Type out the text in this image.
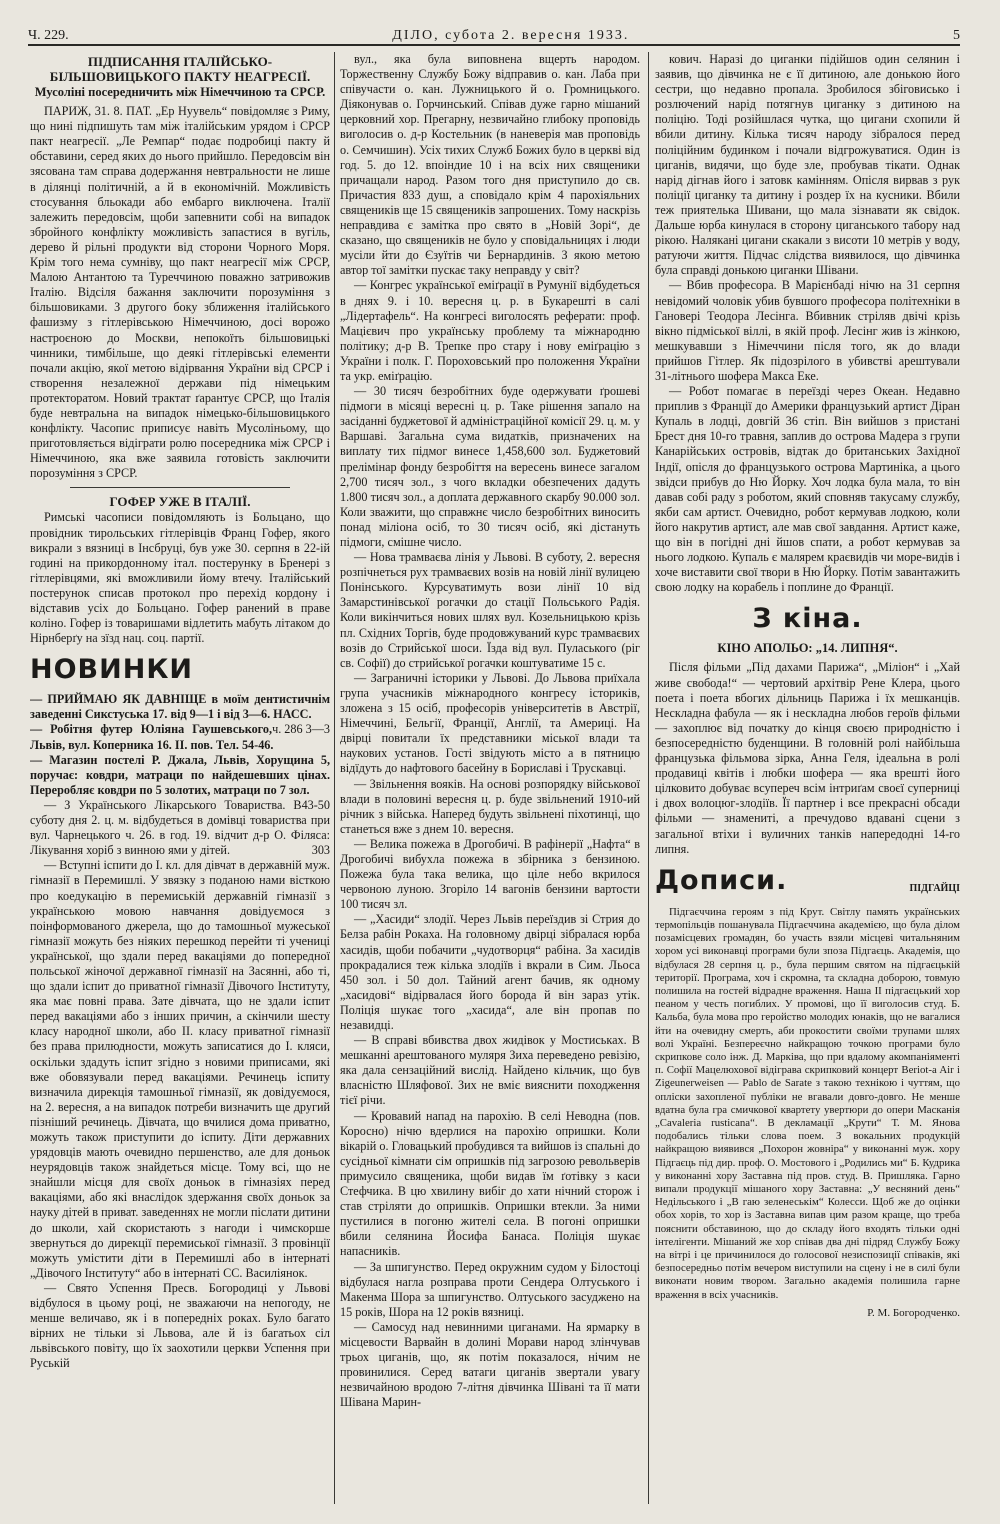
Ч. 229.	ДІЛО, субота 2. вересня 1933.	5
ПІДПИСАННЯ ІТАЛІЙСЬКО-БІЛЬШОВИЦЬКОГО ПАКТУ НЕАГРЕСІЇ.
Мусоліні посередничить між Німеччиною та СРСР.

ПАРИЖ, 31. 8. ПАТ. „Ер Нуувель“ повідомляє з Риму, що нині підпишуть там між італійським урядом і СРСР пакт неагресії. „Ле Ремпар“ подає подробиці пакту й обставини, серед яких до нього прийшло. Передовсім він зясована там справа додержання невтральности не лише в ділянці політичній, а й в економічній. Можливість стосування бльокади або ембарго виключена. Італії залежить передовсім, щоби запевнити собі на випадок збройного конфлікту можливість запастися в вугіль, дерево й рільні продукти від сторони Чорного Моря. Крім того нема сумніву, що пакт неагресії між СРСР, Малою Антантою та Туреччиною поважно затривожив Італію. Відсіля бажання заключити порозуміння з більшовиками. З другого боку зближення італійського фашизму з гітлерівською Німеччиною, досі ворожо настроєною до Москви, непокоїть більшовицькі чинники, тимбільше, що деякі гітлерівські елементи почали акцію, якої метою відірвання України від СРСР і створення незалежної держави під німецьким протекторатом. Новий трактат ґарантує СРСР, що Італія буде невтральна на випадок німецько-більшовицького конфлікту. Часопис приписує навіть Мусоліньому, що приготовляється відіграти ролю посередника між СРСР і Німеччиною, яка вже заявила готовість заключити порозуміння з СРСР.

ГОФЕР УЖЕ В ІТАЛІЇ.

Римські часописи повідомляють із Больцано, що провідник тирольських гітлерівців Франц Гофер, якого викрали з вязниці в Інсбруці, був уже 30. серпня в 22-ій годині на прикордонному італ. постерунку в Бренері з гітлерівцями, які вможливили йому втечу. Італійський постерунок списав протокол про перехід кордону і відставив усіх до Больцано. Гофер ранений в праве коліно. Гофер із товаришами відлетить мабуть літаком до Нірнберґу на зїзд нац. соц. партії.

НОВИНКИ

— ПРИЙМАЮ ЯК ДАВНІЩЕ в моїм дентистичнім заведенні Сикстуська 17. від 9—1 і від 3—6. НАСС.
ч. 286 3—3

— Робітня футер Юліяна Гаушевського, Львів, вул. Коперника 16. II. пов. Тел. 54-46.

— Магазин постелі Р. Джала, Львів, Хорущина 5, поручає: ковдри, матраци по найдешевших цінах. Переробляє ковдри по 5 золотих, матраци по 7 зол.
43-50

— З Українського Лікарського Товариства. В суботу дня 2. ц. м. відбудеться в домівці товариства при вул. Чарнецького ч. 26. в год. 19. відчит д-р О. Філяса: Лікування хоріб з винною ями у дітей.	303

— Вступні іспити до І. кл. для дівчат в державній муж. гімназії в Перемишлі. У звязку з поданою нами вісткою про коедукацію в перемиській державній гімназії з українською мовою навчання довідуємося з поінформованого джерела, що до тамошньої мужеської гімназії можуть без ніяких перешкод перейти ті учениці української, що здали перед вакаціями до попередної польської жіночої державної гімназії на Засянні, або ті, що здали іспит до приватної гімназії Дівочого Інституту, яка має повні права. Зате дівчата, що не здали іспит перед вакаціями або з інших причин, а скінчили шесту класу народної школи, або II. класу приватної гімназії без права прилюдности, можуть записатися до І. кляси, оскільки здадуть іспит згідно з новими приписами, які вже обовязували перед вакаціями. Речинець іспиту визначила дирекція тамошньої гімназії, як довідуємося, на 2. вересня, а на випадок потреби визначить ще другий пізніший речинець. Дівчата, що вчилися дома приватно, можуть також приступити до іспиту. Діти державних урядовців мають очевидно першенство, але для доньок неурядовців також знайдеться місце. Тому всі, що не знайшли місця для своїх доньок в гімназіях перед вакаціями, або які внаслідок здержання своїх доньок за науку дітей в приват. заведеннях не могли післати дитини до школи, хай скористають з нагоди і чимскорше звернуться до дирекції перемиської гімназії. З провінції можуть умістити діти в Перемишлі або в інтернаті „Дівочого Інституту“ або в інтернаті СС. Василіянок.

— Свято Успення Пресв. Богородиці у Львові відбулося в цьому році, не зважаючи на непогоду, не менше величаво, як і в попередніх роках. Було багато вірних не тільки зі Львова, але й із багатьох сіл львівського повіту, що їх заохотили церкви Успення при Руській

вул., яка була виповнена вщерть народом. Торжественну Службу Божу відправив о. кан. Лаба при співучасти о. кан. Лужницького й о. Громницького. Діяконував о. Горчинський. Співав дуже гарно мішаний церковний хор. Прегарну, незвичайно глибоку проповідь виголосив о. д-р Костельник (в наневерія мав проповідь о. Семчишин). Усіх тихих Служб Божих було в церкві від год. 5. до 12. впоіндие 10 і на всіх них священики причащали народ. Разом того дня приступило до св. Причастия 833 душ, а сповідало крім 4 парохіяльних священиків ще 15 священиків запрошених. Тому наскрізь неправдива є замітка про свято в „Новій Зорі“, де сказано, що священиків не було у сповідальницях і люди мусіли йти до Єзуїтів чи Бернардинів. З якою метою автор тої замітки пускає таку неправду у світ?

— Конгрес української еміґрації в Румунії відбудеться в днях 9. і 10. вересня ц. р. в Букарешті в салі „Лідертафель“. На конгресі виголосять реферати: проф. Мацієвич про українську проблему та міжнародню політику; д-р В. Трепке про стару і нову еміґрацію з України і полк. Г. Пороховський про положення України та укр. еміґрацію.

— 30 тисяч безробітних буде одержувати ґрошеві підмоги в місяці вересні ц. р. Таке рішення запало на засіданні буджетової й адміністраційної комісії 29. ц. м. у Варшаві. Загальна сума видатків, призначених на виплату тих підмог винесе 1,458,600 зол. Буджетовий прелімінар фонду безробіття на вересень винесе загалом 2,700 тисяч зол., з чого вкладки обезпечених дадуть 1.800 тисяч зол., а доплата державного скарбу 90.000 зол. Коли зважити, що справжнє число безробітних виносить понад міліона осіб, то 30 тисяч осіб, які дістануть підмоги, смішне число.

— Нова трамваєва лінія у Львові. В суботу, 2. вересня розпічнеться рух трамваєвих возів на новій лінії вулицею Понінського. Курсуватимуть вози лінії 10 від Замарстинівської рогачки до стації Польського Радія. Коли викінчиться нових шлях вул. Козельницькою крізь пл. Східних Торгів, буде продовжуваний курс трамваєвих возів до Стрийської шоси. Їзда від вул. Пуласького (ріг св. Софії) до стрийської рогачки коштуватиме 15 с.

— Заграничні історики у Львові. До Львова приїхала група учасників міжнародного конгресу істориків, зложена з 15 осіб, професорів університетів в Австрії, Німеччині, Бельгії, Франції, Англії, та Америці. На двірці повитали їх представники міської влади та наукових установ. Гості звідують місто а в пятницю відїдуть до нафтового басейну в Бориславі і Трускавці.

— Звільнення вояків. На основі розпорядку військової влади в половині вересня ц. р. буде звільнений 1910-ий річник з війська. Наперед будуть звільнені піхотинці, що станеться вже з днем 10. вересня.

— Велика пожежа в Дрогобичі. В рафінерії „Нафта“ в Дрогобичі вибухла пожежа в збірника з бензиною. Пожежа була така велика, що ціле небо вкрилося червоною луною. Згоріло 14 вагонів бензини вартости 100 тисяч зл.

— „Хасиди“ злодії. Через Львів переїздив зі Стрия до Белза рабін Рокаха. На головному двірці зібралася юрба хасидів, щоби побачити „чудотворця“ рабіна. За хасидів прокрадалися теж кілька злодіїв і вкрали в Сим. Льоса 450 зол. і 50 дол. Тайний агент бачив, як одному „хасидові“ відірвалася його борода й він зараз утік. Поліція шукає того „хасида“, але він пропав по незавидці.

— В справі вбивства двох жидівок у Мостиськах. В мешканні арештованого муляря Зиха переведено ревізію, яка дала сензаційний вислід. Найдено кільчик, що був власністю Шляфової. Зих не вміє вияснити походження тієї річи.

— Кровавий напад на парохію. В селі Неводна (пов. Коросно) нічю вдерлися на парохію опришки. Коли вікарій о. Гловацький пробудився та вийшов із спальні до сусідньої кімнати сім опришків під загрозою револьверів примусило священика, щоби видав їм ґотівку з каси Стефчика. В цю хвилину вибіг до хати нічний сторож і став стріляти до опришків. Опришки втекли. За ними пустилися в погоню жителі села. В погоні опришки вбили селянина Йосифа Банаса. Поліція шукає напасників.

— За шпигунство. Перед окружним судом у Білостоці відбулася нагла розправа проти Сендера Олтуського і Макенма Шора за шпигунство. Олтуського засуджено на 15 років, Шора на 12 років вязниці.

— Самосуд над невинними циганами. На ярмарку в місцевости Варвайн в долині Морави народ злінчував трьох циганів, що, як потім показалося, нічим не провинилися. Серед ватаги циганів звертали увагу незвичайною вродою 7-літня дівчинка Шівані та її мати Шівана Марин-

кович. Наразі до циганки підійшов один селянин і заявив, що дівчинка не є її дитиною, але донькою його сестри, що недавно пропала. Зробилося збіговисько і розлючений нарід потягнув циганку з дитиною на поліцію. Тоді розійшлася чутка, що цигани схопили й вбили дитину. Кілька тисяч народу зібралося перед поліційним будинком і почали відгрожуватися. Один із циганів, видячи, що буде зле, пробував тікати. Однак нарід дігнав його і затовк камінням. Опісля вирвав з рук поліції циганку та дитину і роздер їх на кусники. Вбили теж приятелька Шивани, що мала зізнавати як свідок. Дальше юрба кинулася в сторону циганського табору над рікою. Налякані цигани скакали з висоти 10 метрів у воду, ратуючи життя. Підчас слідства виявилося, що дівчинка була справді донькою циганки Шівани.

— Вбив професора. В Марієнбаді нічю на 31 серпня невідомий чоловік убив бувшого професора політехніки в Гановері Теодора Лесінга. Вбивник стріляв двічі крізь вікно підміської віллі, в якій проф. Лесінг жив із жінкою, мешкувавши з Німеччини після того, як до влади прийшов Гітлер. Як підозрілого в убивстві арештували 31-літнього шофера Макса Еке.

— Робот помагає в переїзді через Океан. Недавно приплив з Франції до Америки французький артист Діран Купаль в лодці, довгій 36 стіп. Він вийшов з пристані Брест дня 10-го травня, заплив до острова Мадера з групи Канарійських островів, відтак до британських Західної Індії, опісля до французького острова Мартиніка, а цього звідси прибув до Ню Йорку. Хоч лодка була мала, то він давав собі раду з роботом, який сповняв такусаму службу, якби сам артист. Очевидно, робот кермував лодкою, коли його накрутив артист, але мав свої завдання. Артист каже, що він в погідні дні йшов спати, а робот кермував за нього лодкою. Купаль є малярем краєвидів чи море-видів і хоче виставити свої твори в Ню Йорку. Потім завантажить свою лодку на корабель і поплине до Франції.

З кіна.
КІНО АПОЛЬО: „14. ЛИПНЯ“.

Після фільми „Під дахами Парижа“, „Міліон“ і „Хай живе свобода!“ — чертовий архітвір Рене Клера, цього поета і поета вбогих дільниць Парижа і їх мешканців. Нескладна фабула — як і нескладна любов героїв фільми — захоплює від початку до кінця своєю природністю і безпосередністю буденщини. В головній ролі найбільша французька фільмова зірка, Анна Геля, ідеальна в ролі продавиці квітів і любки шофера — яка врешті його цілковито добуває всупереч всім інтриґам своєї суперниці і двох волоцюг-злодіїв. Її партнер і все прекрасні обсади фільми — знамениті, а пречудово вдавані сцени з загальної втіхи і вуличних танків напередодні 14-го липня.

Дописи.	ПІДГАЙЦІ

Підгаєччина героям з під Крут. Світлу память українських термопільців пошанувала Підгаєччина академією, що була ділом позамісцевих громадян, бо участь взяли місцеві читальняним хором усі виконавці програми були зпоза Підгаєць. Академія, що відбулася 28 серпня ц. р., була першим святом на підгаєцькій території. Програма, хоч і скромна, та складна доборою, товмую полишила на гостей відрадне враження. Наша II підгаєцький хор пеаном у честь погиблих. У промові, що її виголосив студ. Б. Кальба, була мова про геройство молодих юнаків, що не вагалися йти на очевидну смерть, аби прокостити своїми трупами шлях волі Україні. Безпереєчно найкращою точкою програми було скрипкове соло інж. Д. Марківа, що при вдалому акомпаніяменті п. Софії Мацелюхової відіграва скрипковий концерт Beriot-a Air i Zigeunerweisen — Pablo de Sarate з такою технікою і чуттям, що опліски захопленої публіки не вгавали довго-довго. Не менше вдатна була гра смичкової квартету увертюри до опери Масканія „Cavaleria rusticana“. В декламації „Крути“ Т. М. Янова подобались тільки слова поем. З вокальних продукцій найкращою виявився „Похорон жовніра“ у виконанні муж. хору Підгаєць під дир. проф. О. Мостового і „Родились ми“ Б. Кудрика у виконанні хору Заставна під пров. студ. В. Пришляка. Гарно випали продукції мішаного хору Заставна: „У весняний день“ Недільського і „В гаю зеленеськім“ Колесси. Щоб же до оцінки обох хорів, то хор із Заставна випав цим разом краще, що треба пояснити обставиною, що до складу його входять тільки одні інтелігенти. Мішаний же хор співав два дні підряд Службу Божу на вітрі і це причинилося до голосової незиспозиції співаків, які безпосередньо потім вечером виступили на сцену і не в силі були виконати новим твором. Загально академія полишила гарне враження в всіх учасників.

Р. М. Богородченко.
